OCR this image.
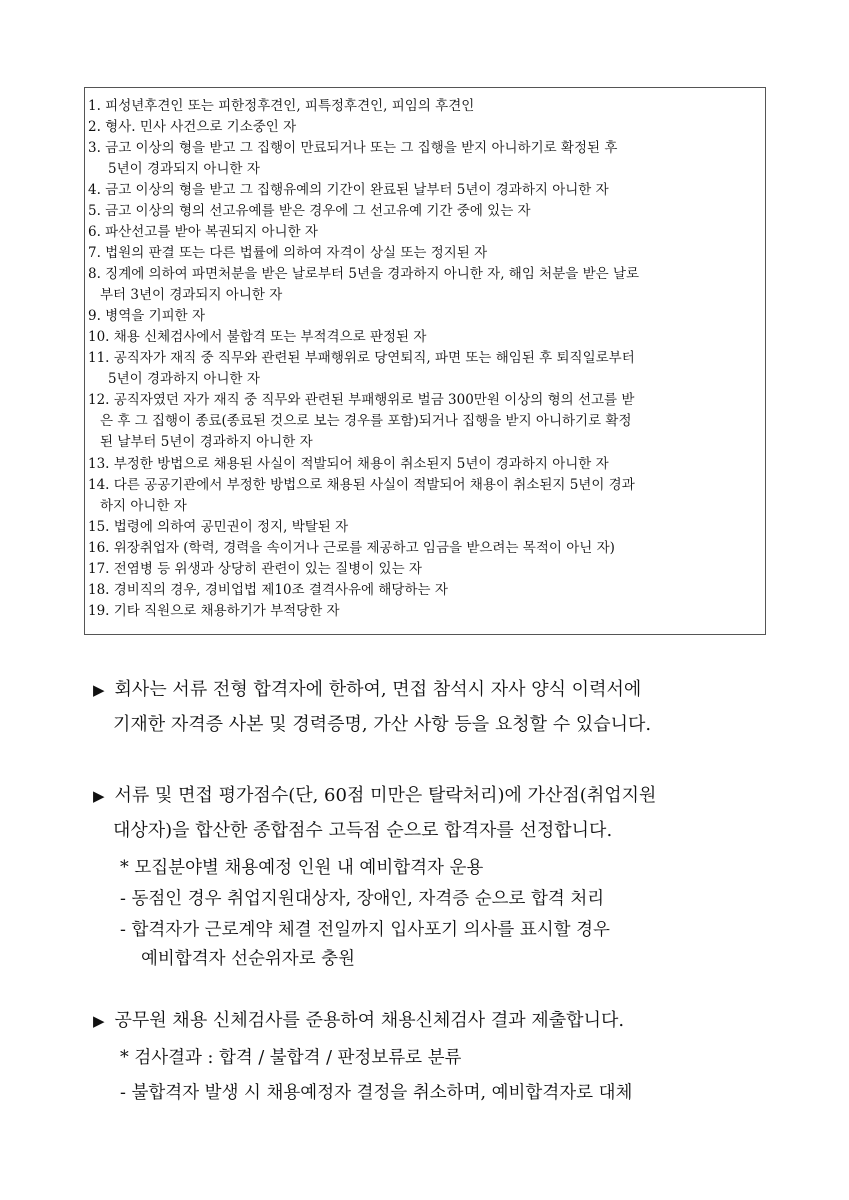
1. 피성년후견인 또는 피한정후견인, 피특정후견인, 피임의 후견인

2. 형사. 민사 사건으로 기소중인 자

3. 금고 이상의 형을 받고 그 집행이 만료되거나 또는 그 집행을 받지 아니하기로 확정된 후

5년이 경과되지 아니한 자

4. 금고 이상의 형을 받고 그 집행유예의 기간이 완료된 날부터 5년이 경과하지 아니한 자

5. 금고 이상의 형의 선고유예를 받은 경우에 그 선고유예 기간 중에 있는 자

6. 파산선고를 받아 복권되지 아니한 자

7. 법원의 판결 또는 다른 법률에 의하여 자격이 상실 또는 정지된 자

8. 징계에 의하여 파면처분을 받은 날로부터 5년을 경과하지 아니한 자, 해임 처분을 받은 날로

부터 3년이 경과되지 아니한 자

9. 병역을 기피한 자

10. 채용 신체검사에서 불합격 또는 부적격으로 판정된 자

11. 공직자가 재직 중 직무와 관련된 부패행위로 당연퇴직, 파면 또는 해임된 후 퇴직일로부터

5년이 경과하지 아니한 자

12. 공직자였던 자가 재직 중 직무와 관련된 부패행위로 벌금 300만원 이상의 형의 선고를 받

은 후 그 집행이 종료(종료된 것으로 보는 경우를 포함)되거나 집행을 받지 아니하기로 확정

된 날부터 5년이 경과하지 아니한 자

13. 부정한 방법으로 채용된 사실이 적발되어 채용이 취소된지 5년이 경과하지 아니한 자

14. 다른 공공기관에서 부정한 방법으로 채용된 사실이 적발되어 채용이 취소된지 5년이 경과

하지 아니한 자

15. 법령에 의하여 공민권이 정지, 박탈된 자

16. 위장취업자 (학력, 경력을 속이거나 근로를 제공하고 임금을 받으려는 목적이 아닌 자)

17. 전염병 등 위생과 상당히 관련이 있는 질병이 있는 자

18. 경비직의 경우, 경비업법 제10조 결격사유에 해당하는 자

19. 기타 직원으로 채용하기가 부적당한 자

▶ 회사는 서류 전형 합격자에 한하여, 면접 참석시 자사 양식 이력서에

기재한 자격증 사본 및 경력증명, 가산 사항 등을 요청할 수 있습니다.

▶ 서류 및 면접 평가점수(단, 60점 미만은 탈락처리)에 가산점(취업지원

대상자)을 합산한 종합점수 고득점 순으로 합격자를 선정합니다.

* 모집분야별 채용예정 인원 내 예비합격자 운용

- 동점인 경우 취업지원대상자, 장애인, 자격증 순으로 합격 처리

- 합격자가 근로계약 체결 전일까지 입사포기 의사를 표시할 경우

예비합격자 선순위자로 충원

▶ 공무원 채용 신체검사를 준용하여 채용신체검사 결과 제출합니다.

* 검사결과 : 합격 / 불합격 / 판정보류로 분류

- 불합격자 발생 시 채용예정자 결정을 취소하며, 예비합격자로 대체
